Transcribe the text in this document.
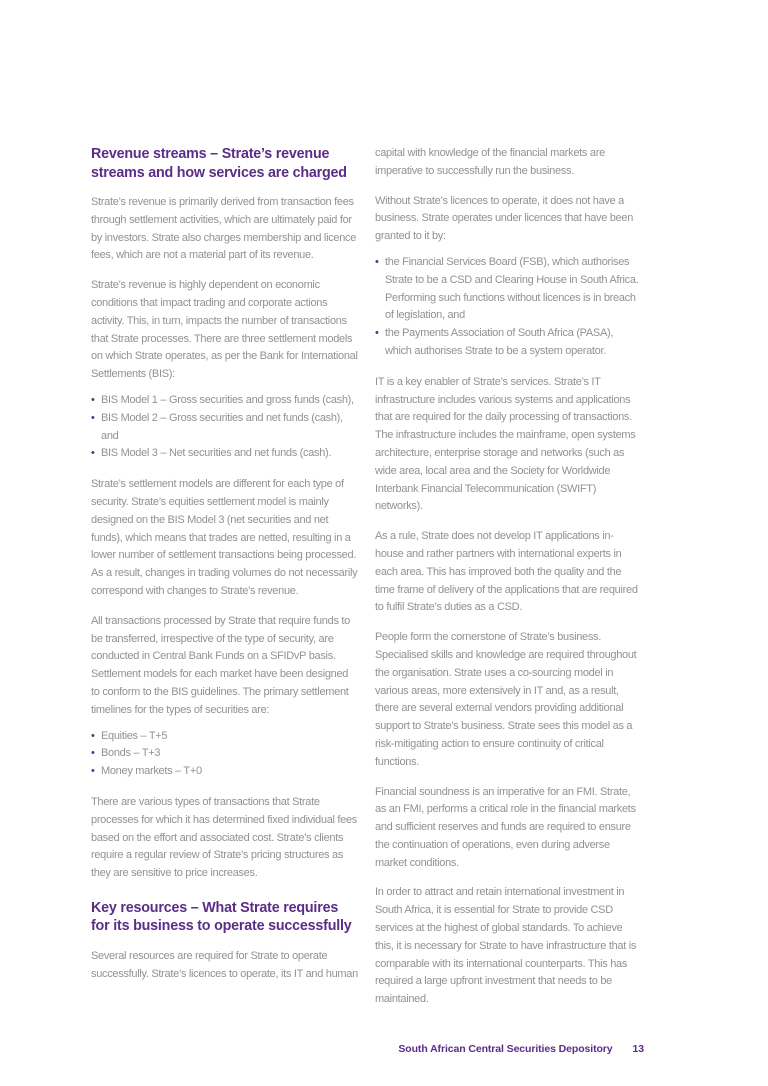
Revenue streams – Strate’s revenue streams and how services are charged

Strate’s revenue is primarily derived from transaction fees through settlement activities, which are ultimately paid for by investors. Strate also charges membership and licence fees, which are not a material part of its revenue.

Strate’s revenue is highly dependent on economic conditions that impact trading and corporate actions activity. This, in turn, impacts the number of transactions that Strate processes. There are three settlement models on which Strate operates, as per the Bank for International Settlements (BIS):

• BIS Model 1 – Gross securities and gross funds (cash),
• BIS Model 2 – Gross securities and net funds (cash), and
• BIS Model 3 – Net securities and net funds (cash).

Strate’s settlement models are different for each type of security. Strate’s equities settlement model is mainly designed on the BIS Model 3 (net securities and net funds), which means that trades are netted, resulting in a lower number of settlement transactions being processed. As a result, changes in trading volumes do not necessarily correspond with changes to Strate’s revenue.

All transactions processed by Strate that require funds to be transferred, irrespective of the type of security, are conducted in Central Bank Funds on a SFIDvP basis. Settlement models for each market have been designed to conform to the BIS guidelines. The primary settlement timelines for the types of securities are:

• Equities – T+5
• Bonds – T+3
• Money markets – T+0

There are various types of transactions that Strate processes for which it has determined fixed individual fees based on the effort and associated cost. Strate’s clients require a regular review of Strate’s pricing structures as they are sensitive to price increases.

Key resources – What Strate requires for its business to operate successfully

Several resources are required for Strate to operate successfully. Strate’s licences to operate, its IT and human

capital with knowledge of the financial markets are imperative to successfully run the business.

Without Strate’s licences to operate, it does not have a business. Strate operates under licences that have been granted to it by:

• the Financial Services Board (FSB), which authorises Strate to be a CSD and Clearing House in South Africa. Performing such functions without licences is in breach of legislation, and
• the Payments Association of South Africa (PASA), which authorises Strate to be a system operator.

IT is a key enabler of Strate’s services. Strate’s IT infrastructure includes various systems and applications that are required for the daily processing of transactions. The infrastructure includes the mainframe, open systems architecture, enterprise storage and networks (such as wide area, local area and the Society for Worldwide Interbank Financial Telecommunication (SWIFT) networks).

As a rule, Strate does not develop IT applications in-house and rather partners with international experts in each area. This has improved both the quality and the time frame of delivery of the applications that are required to fulfil Strate’s duties as a CSD.

People form the cornerstone of Strate’s business. Specialised skills and knowledge are required throughout the organisation. Strate uses a co-sourcing model in various areas, more extensively in IT and, as a result, there are several external vendors providing additional support to Strate’s business. Strate sees this model as a risk-mitigating action to ensure continuity of critical functions.

Financial soundness is an imperative for an FMI. Strate, as an FMI, performs a critical role in the financial markets and sufficient reserves and funds are required to ensure the continuation of operations, even during adverse market conditions.

In order to attract and retain international investment in South Africa, it is essential for Strate to provide CSD services at the highest of global standards. To achieve this, it is necessary for Strate to have infrastructure that is comparable with its international counterparts. This has required a large upfront investment that needs to be maintained.

South African Central Securities Depository 13
